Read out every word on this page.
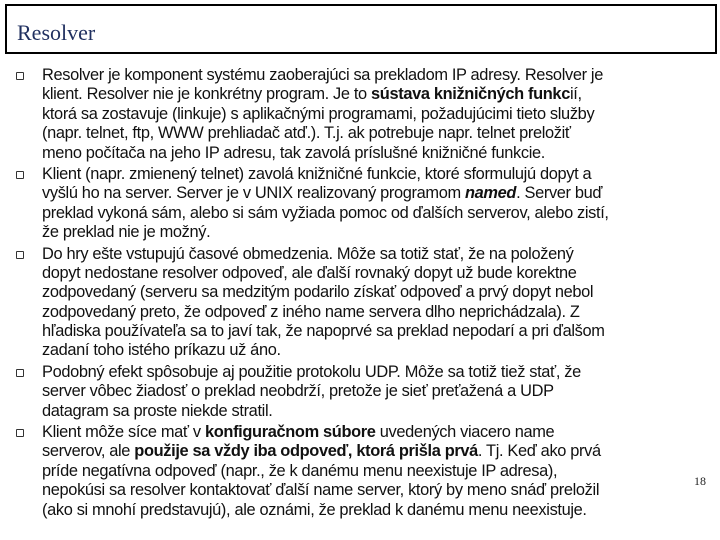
Resolver
Resolver je komponent systému zaoberajúci sa prekladom IP adresy. Resolver je
klient. Resolver nie je konkrétny program. Je to sústava knižničných funkcií,
ktorá sa zostavuje (linkuje) s aplikačnými programami, požadujúcimi tieto služby
(napr. telnet, ftp, WWW prehliadač atď.). T.j. ak potrebuje napr. telnet preložiť
meno počítača na jeho IP adresu, tak zavolá príslušné knižničné funkcie.
Klient (napr. zmienený telnet) zavolá knižničné funkcie, ktoré sformulujú dopyt a
vyšlú ho na server. Server je v UNIX realizovaný programom named. Server buď
preklad vykoná sám, alebo si sám vyžiada pomoc od ďalších serverov, alebo zistí,
že preklad nie je možný.
Do hry ešte vstupujú časové obmedzenia. Môže sa totiž stať, že na položený
dopyt nedostane resolver odpoveď, ale ďalší rovnaký dopyt už bude korektne
zodpovedaný (serveru sa medzitým podarilo získať odpoveď a prvý dopyt nebol
zodpovedaný preto, že odpoveď z iného name servera dlho neprichádzala). Z
hľadiska používateľa sa to javí tak, že napoprvé sa preklad nepodarí a pri ďalšom
zadaní toho istého príkazu už áno.
Podobný efekt spôsobuje aj použitie protokolu UDP. Môže sa totiž tiež stať, že
server vôbec žiadosť o preklad neobdrží, pretože je sieť preťažená a UDP
datagram sa proste niekde stratil.
Klient môže síce mať v konfiguračnom súbore uvedených viacero name
serverov, ale použije sa vždy iba odpoveď, ktorá prišla prvá. Tj. Keď ako prvá
príde negatívna odpoveď (napr., že k danému menu neexistuje IP adresa),
nepokúsi sa resolver kontaktovať ďalší name server, ktorý by meno snáď preložil
(ako si mnohí predstavujú), ale oznámi, že preklad k danému menu neexistuje.
18
